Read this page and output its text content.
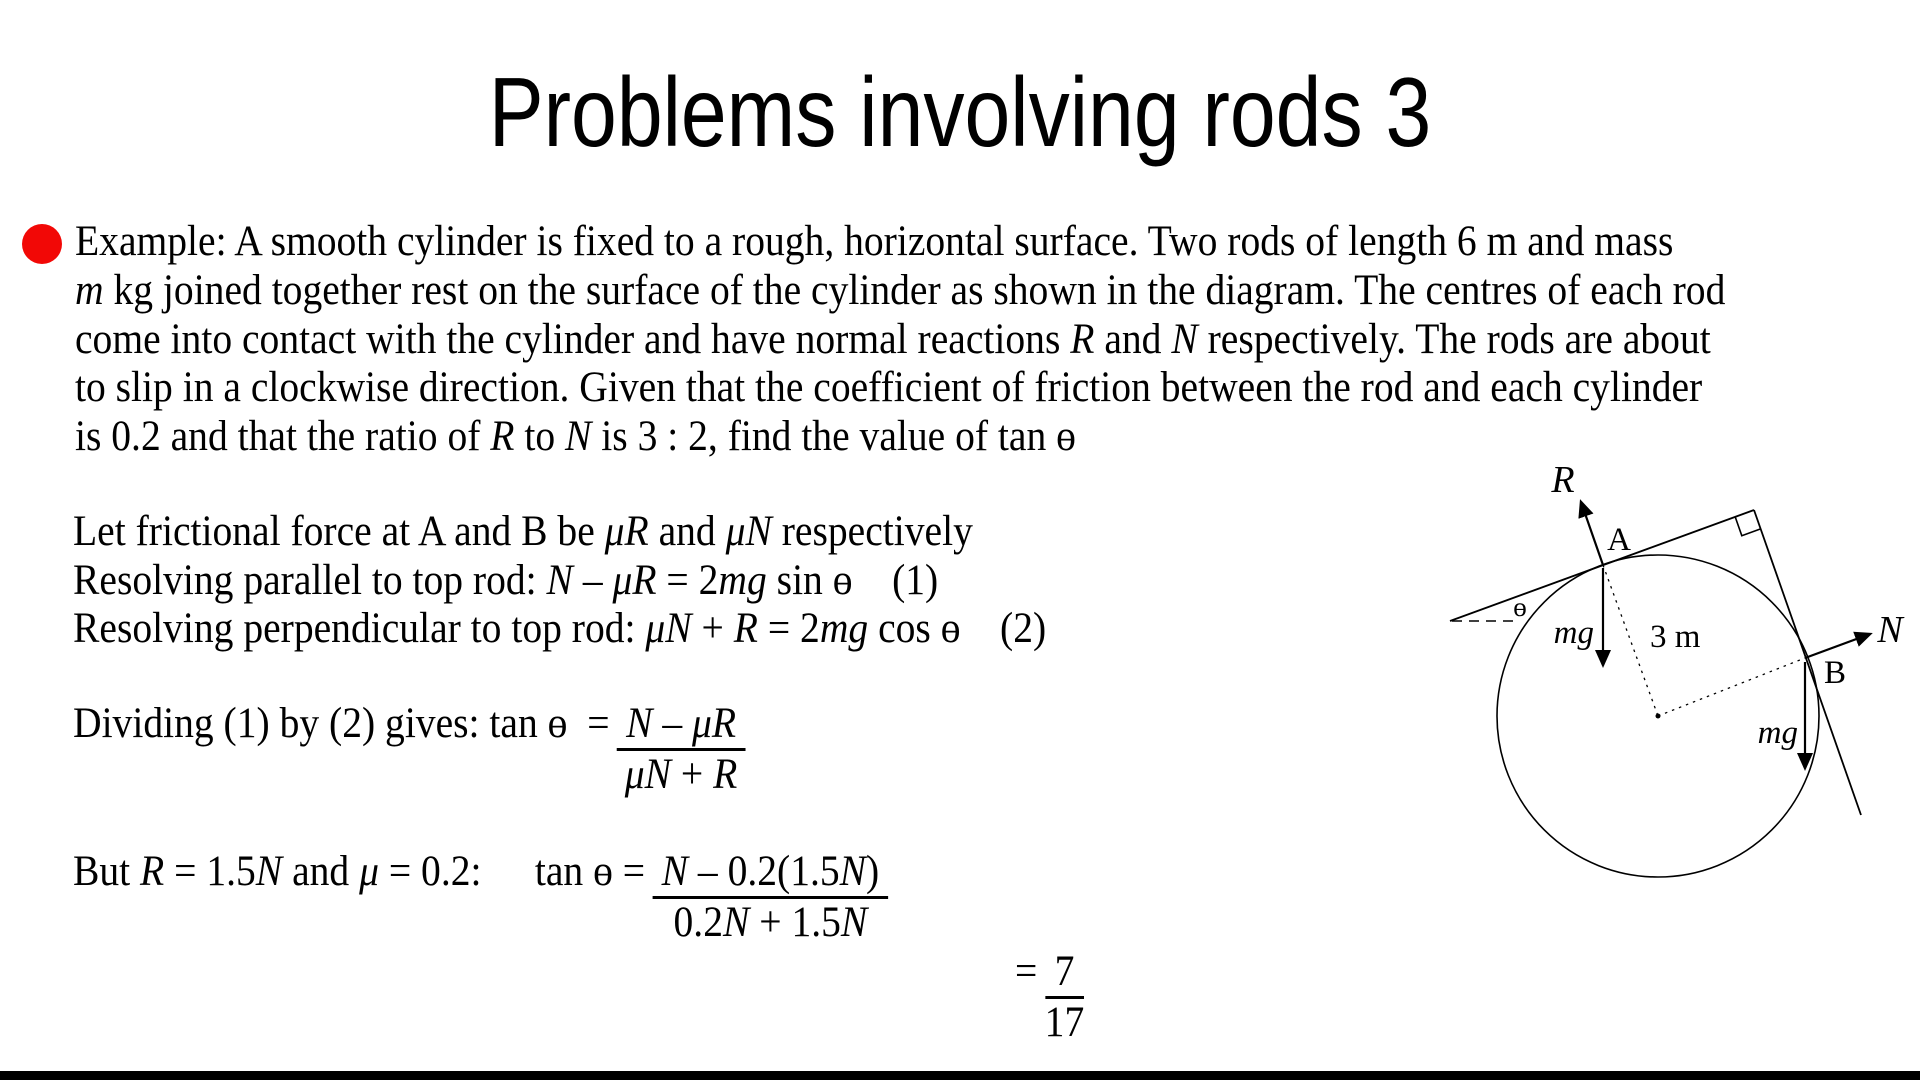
Problems involving rods 3
Example: A smooth cylinder is fixed to a rough, horizontal surface. Two rods of length 6 m and mass
m kg joined together rest on the surface of the cylinder as shown in the diagram. The centres of each rod
come into contact with the cylinder and have normal reactions R and N respectively. The rods are about
to slip in a clockwise direction. Given that the coefficient of friction between the rod and each cylinder
is 0.2 and that the ratio of R to N is 3 : 2, find the value of tan ɵ
Let frictional force at A and B be μR and μN respectively
Resolving parallel to top rod: N – μR = 2mg sin ɵ    (1)
Resolving perpendicular to top rod: μN + R = 2mg cos ɵ    (2)
Dividing (1) by (2) gives: tan ɵ  = $\frac{N - \mu R}{\mu N + R}$
But R = 1.5N and μ = 0.2: tan ɵ = $\frac{N - 0.2(1.5N)}{0.2N + 1.5N}$
= $\frac{7}{17}$
ɵ
3 m
R
A
mg	N
B
mg
